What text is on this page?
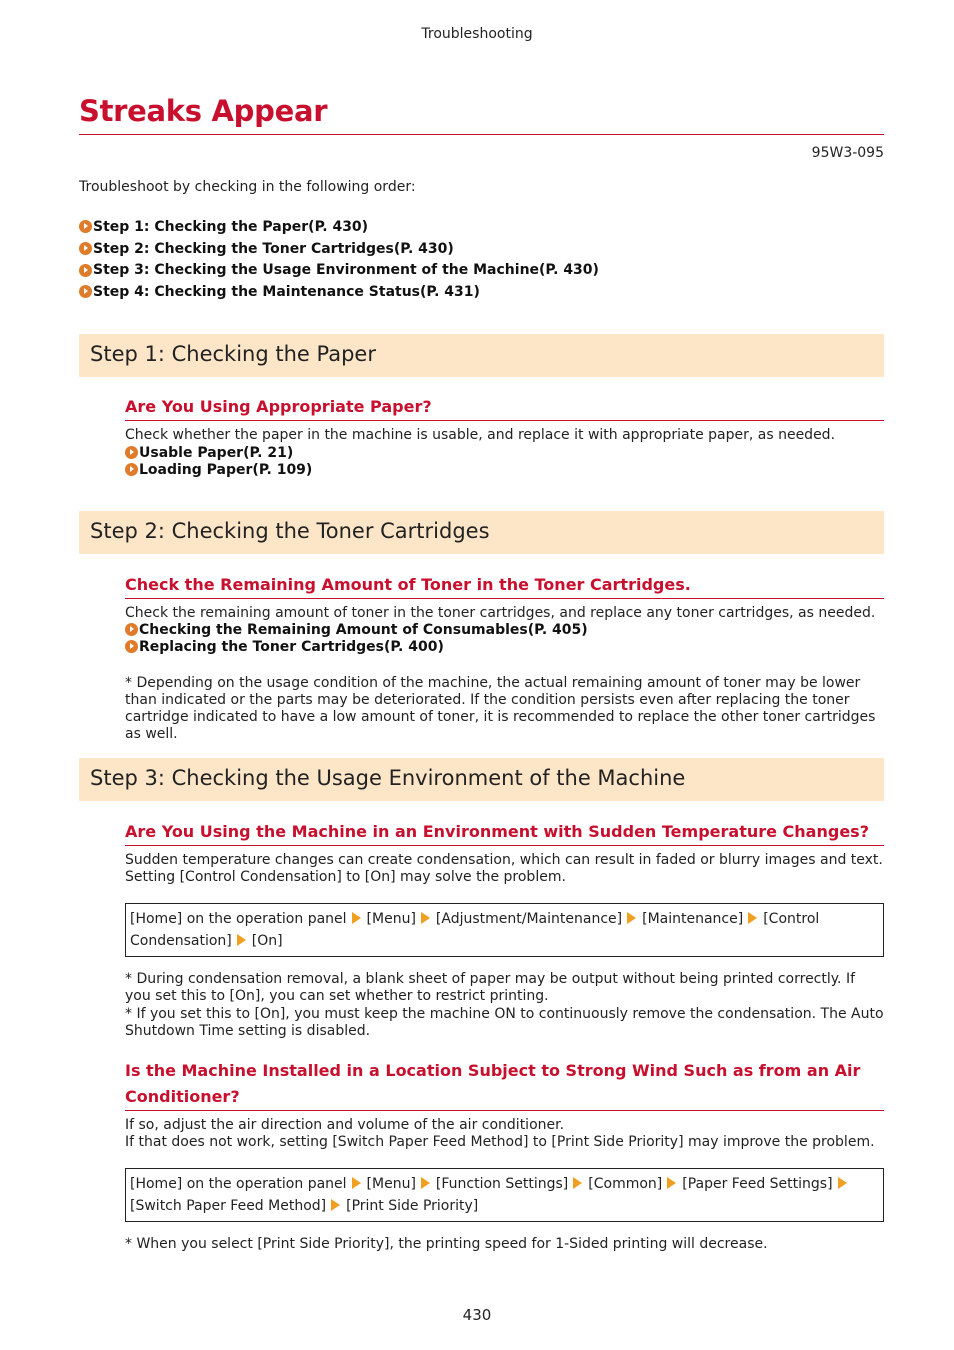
Troubleshooting
Streaks Appear
95W3-095

Troubleshoot by checking in the following order:

Step 1: Checking the Paper(P. 430)
Step 2: Checking the Toner Cartridges(P. 430)
Step 3: Checking the Usage Environment of the Machine(P. 430)
Step 4: Checking the Maintenance Status(P. 431)
Step 1: Checking the Paper
Are You Using Appropriate Paper?

Check whether the paper in the machine is usable, and replace it with appropriate paper, as needed.

Usable Paper(P. 21)
Loading Paper(P. 109)
Step 2: Checking the Toner Cartridges
Check the Remaining Amount of Toner in the Toner Cartridges.

Check the remaining amount of toner in the toner cartridges, and replace any toner cartridges, as needed.

Checking the Remaining Amount of Consumables(P. 405)
Replacing the Toner Cartridges(P. 400)

* Depending on the usage condition of the machine, the actual remaining amount of toner may be lower than indicated or the parts may be deteriorated. If the condition persists even after replacing the toner cartridge indicated to have a low amount of toner, it is recommended to replace the other toner cartridges as well.

Step 3: Checking the Usage Environment of the Machine
Are You Using the Machine in an Environment with Sudden Temperature Changes?

Sudden temperature changes can create condensation, which can result in faded or blurry images and text.

Setting [Control Condensation] to [On] may solve the problem.

[Home] on the operation panel [Menu] [Adjustment/Maintenance] [Maintenance] [Control Condensation] [On]

* During condensation removal, a blank sheet of paper may be output without being printed correctly. If you set this to [On], you can set whether to restrict printing.

* If you set this to [On], you must keep the machine ON to continuously remove the condensation. The Auto Shutdown Time setting is disabled.

Is the Machine Installed in a Location Subject to Strong Wind Such as from an Air Conditioner?

If so, adjust the air direction and volume of the air conditioner.

If that does not work, setting [Switch Paper Feed Method] to [Print Side Priority] may improve the problem.

[Home] on the operation panel [Menu] [Function Settings] [Common] [Paper Feed Settings][Switch Paper Feed Method] [Print Side Priority]

* When you select [Print Side Priority], the printing speed for 1-Sided printing will decrease.

430
